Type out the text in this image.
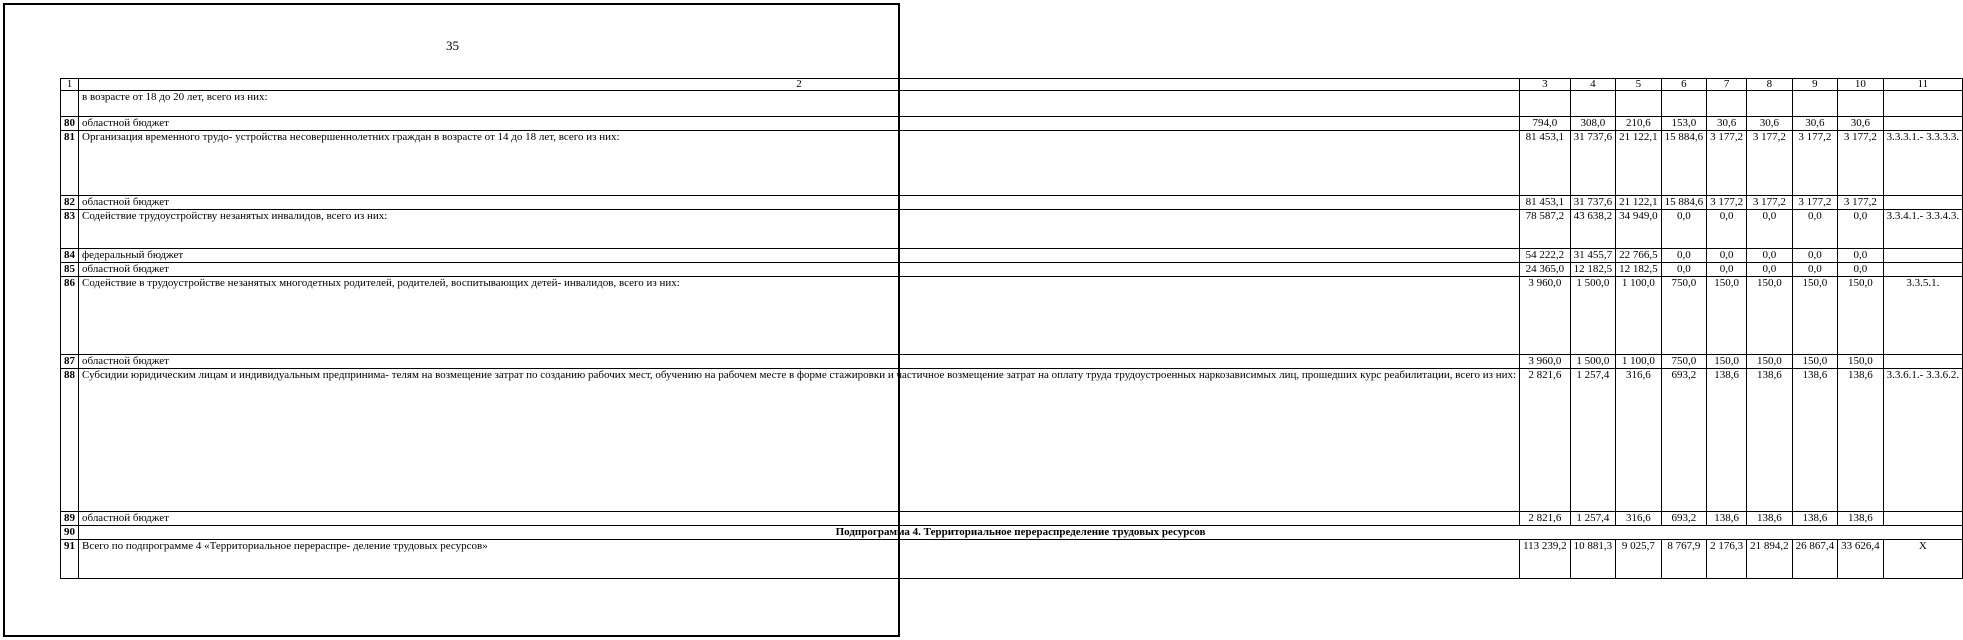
35
1	2	3	4	5	6	7	8	9	10	11
	в возрасте от 18 до 20 лет, всего из них:									
80	областной бюджет	794,0	308,0	210,6	153,0	30,6	30,6	30,6	30,6	
81	Организация временного трудо- устройства несовершеннолетних граждан в возрасте от 14 до 18 лет, всего из них:	81 453,1	31 737,6	21 122,1	15 884,6	3 177,2	3 177,2	3 177,2	3 177,2	3.3.3.1.- 3.3.3.3.
82	областной бюджет	81 453,1	31 737,6	21 122,1	15 884,6	3 177,2	3 177,2	3 177,2	3 177,2	
83	Содействие трудоустройству незанятых инвалидов, всего из них:	78 587,2	43 638,2	34 949,0	0,0	0,0	0,0	0,0	0,0	3.3.4.1.- 3.3.4.3.
84	федеральный бюджет	54 222,2	31 455,7	22 766,5	0,0	0,0	0,0	0,0	0,0	
85	областной бюджет	24 365,0	12 182,5	12 182,5	0,0	0,0	0,0	0,0	0,0	
86	Содействие в трудоустройстве незанятых многодетных родителей, родителей, воспитывающих детей- инвалидов, всего из них:	3 960,0	1 500,0	1 100,0	750,0	150,0	150,0	150,0	150,0	3.3.5.1.
87	областной бюджет	3 960,0	1 500,0	1 100,0	750,0	150,0	150,0	150,0	150,0	
88	Субсидии юридическим лицам и индивидуальным предпринима- телям на возмещение затрат по созданию рабочих мест, обучению на рабочем месте в форме стажировки и частичное возмещение затрат на оплату труда трудоустроенных наркозависимых лиц, прошедших курс реабилитации, всего из них:	2 821,6	1 257,4	316,6	693,2	138,6	138,6	138,6	138,6	3.3.6.1.- 3.3.6.2.
89	областной бюджет	2 821,6	1 257,4	316,6	693,2	138,6	138,6	138,6	138,6	
90	Подпрограмма 4. Территориальное перераспределение трудовых ресурсов									
91	Всего по подпрограмме 4 «Территориальное перераспре- деление трудовых ресурсов»	113 239,2	10 881,3	9 025,7	8 767,9	2 176,3	21 894,2	26 867,4	33 626,4	X
